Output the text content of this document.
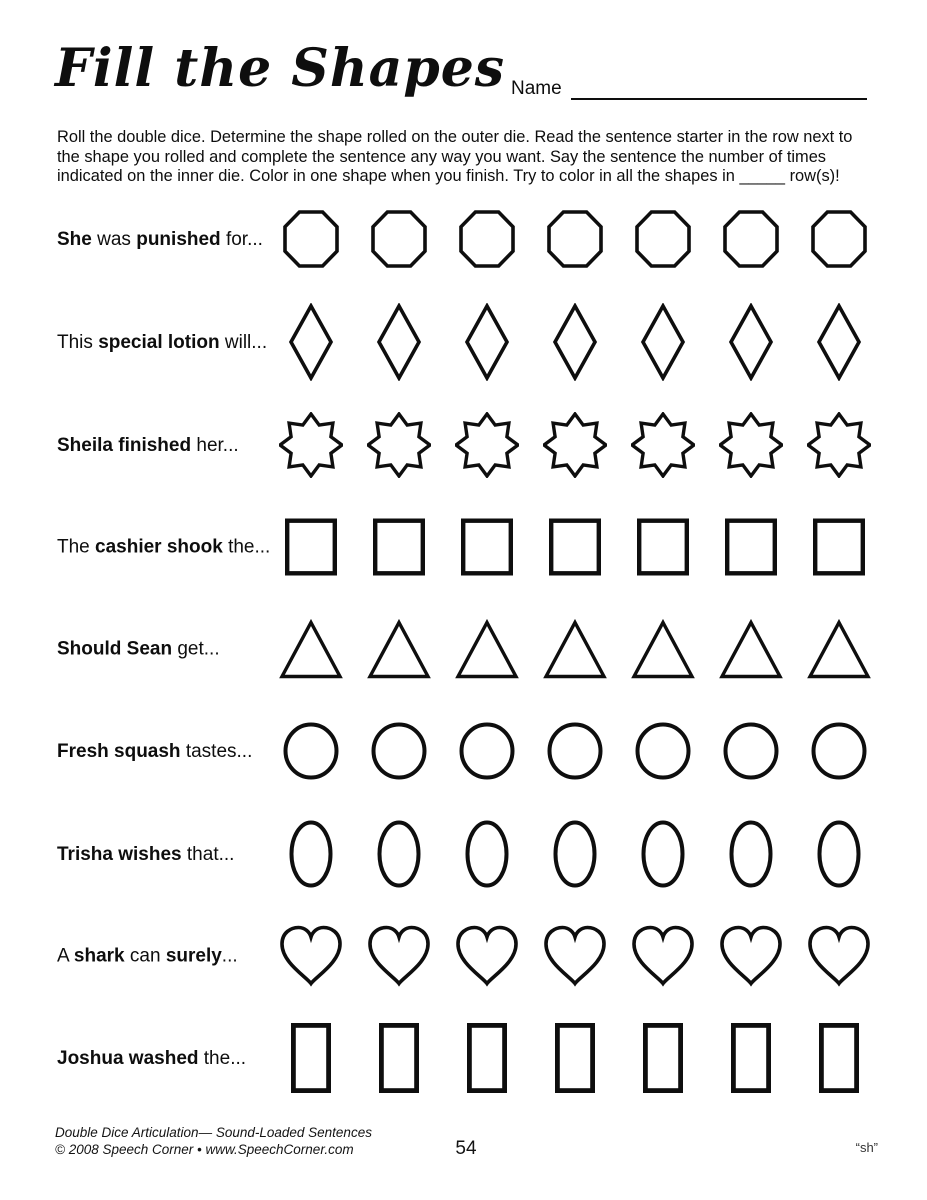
Fill the Shapes Name
Roll the double dice. Determine the shape rolled on the outer die. Read the sentence starter in the row next to
the shape you rolled and complete the sentence any way you want. Say the sentence the number of times
indicated on the inner die. Color in one shape when you finish. Try to color in all the shapes in _____ row(s)!
She was punished for...
This special lotion will...
Sheila finished her...
The cashier shook the...
Should Sean get...
Fresh squash tastes...
Trisha wishes that...
A shark can surely...
Joshua washed the...
Double Dice Articulation— Sound-Loaded Sentences
© 2008 Speech Corner • www.SpeechCorner.com	54	“sh”
